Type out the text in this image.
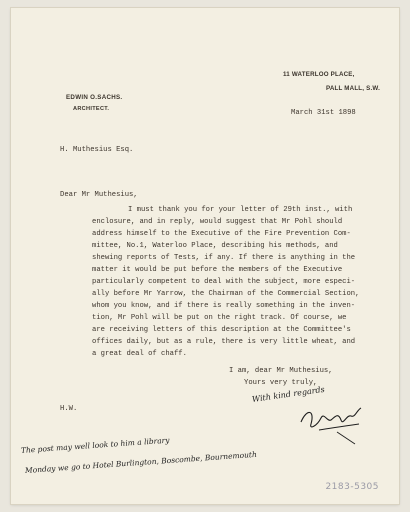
EDWIN O.SACHS.
ARCHITECT.
11 WATERLOO PLACE,
PALL MALL, S.W.
March 31st 1898
H. Muthesius Esq.
Dear Mr Muthesius,
I must thank you for your letter of 29th inst., with
enclosure, and in reply, would suggest that Mr Pohl should
address himself to the Executive of the Fire Prevention Com-
mittee, No.1, Waterloo Place, describing his methods, and
shewing reports of Tests, if any. If there is anything in the
matter it would be put before the members of the Executive
particularly competent to deal with the subject, more especi-
ally before Mr Yarrow, the Chairman of the Commercial Section,
whom you know, and if there is really something in the inven-
tion, Mr Pohl will be put on the right track. Of course, we
are receiving letters of this description at the Committee's
offices daily, but as a rule, there is very little wheat, and
a great deal of chaff.
I am, dear Mr Muthesius,
Yours very truly,
H.W.
With kind regards
The post may well look to him a library
Monday we go to Hotel Burlington, Boscombe, Bournemouth
2183-5305
